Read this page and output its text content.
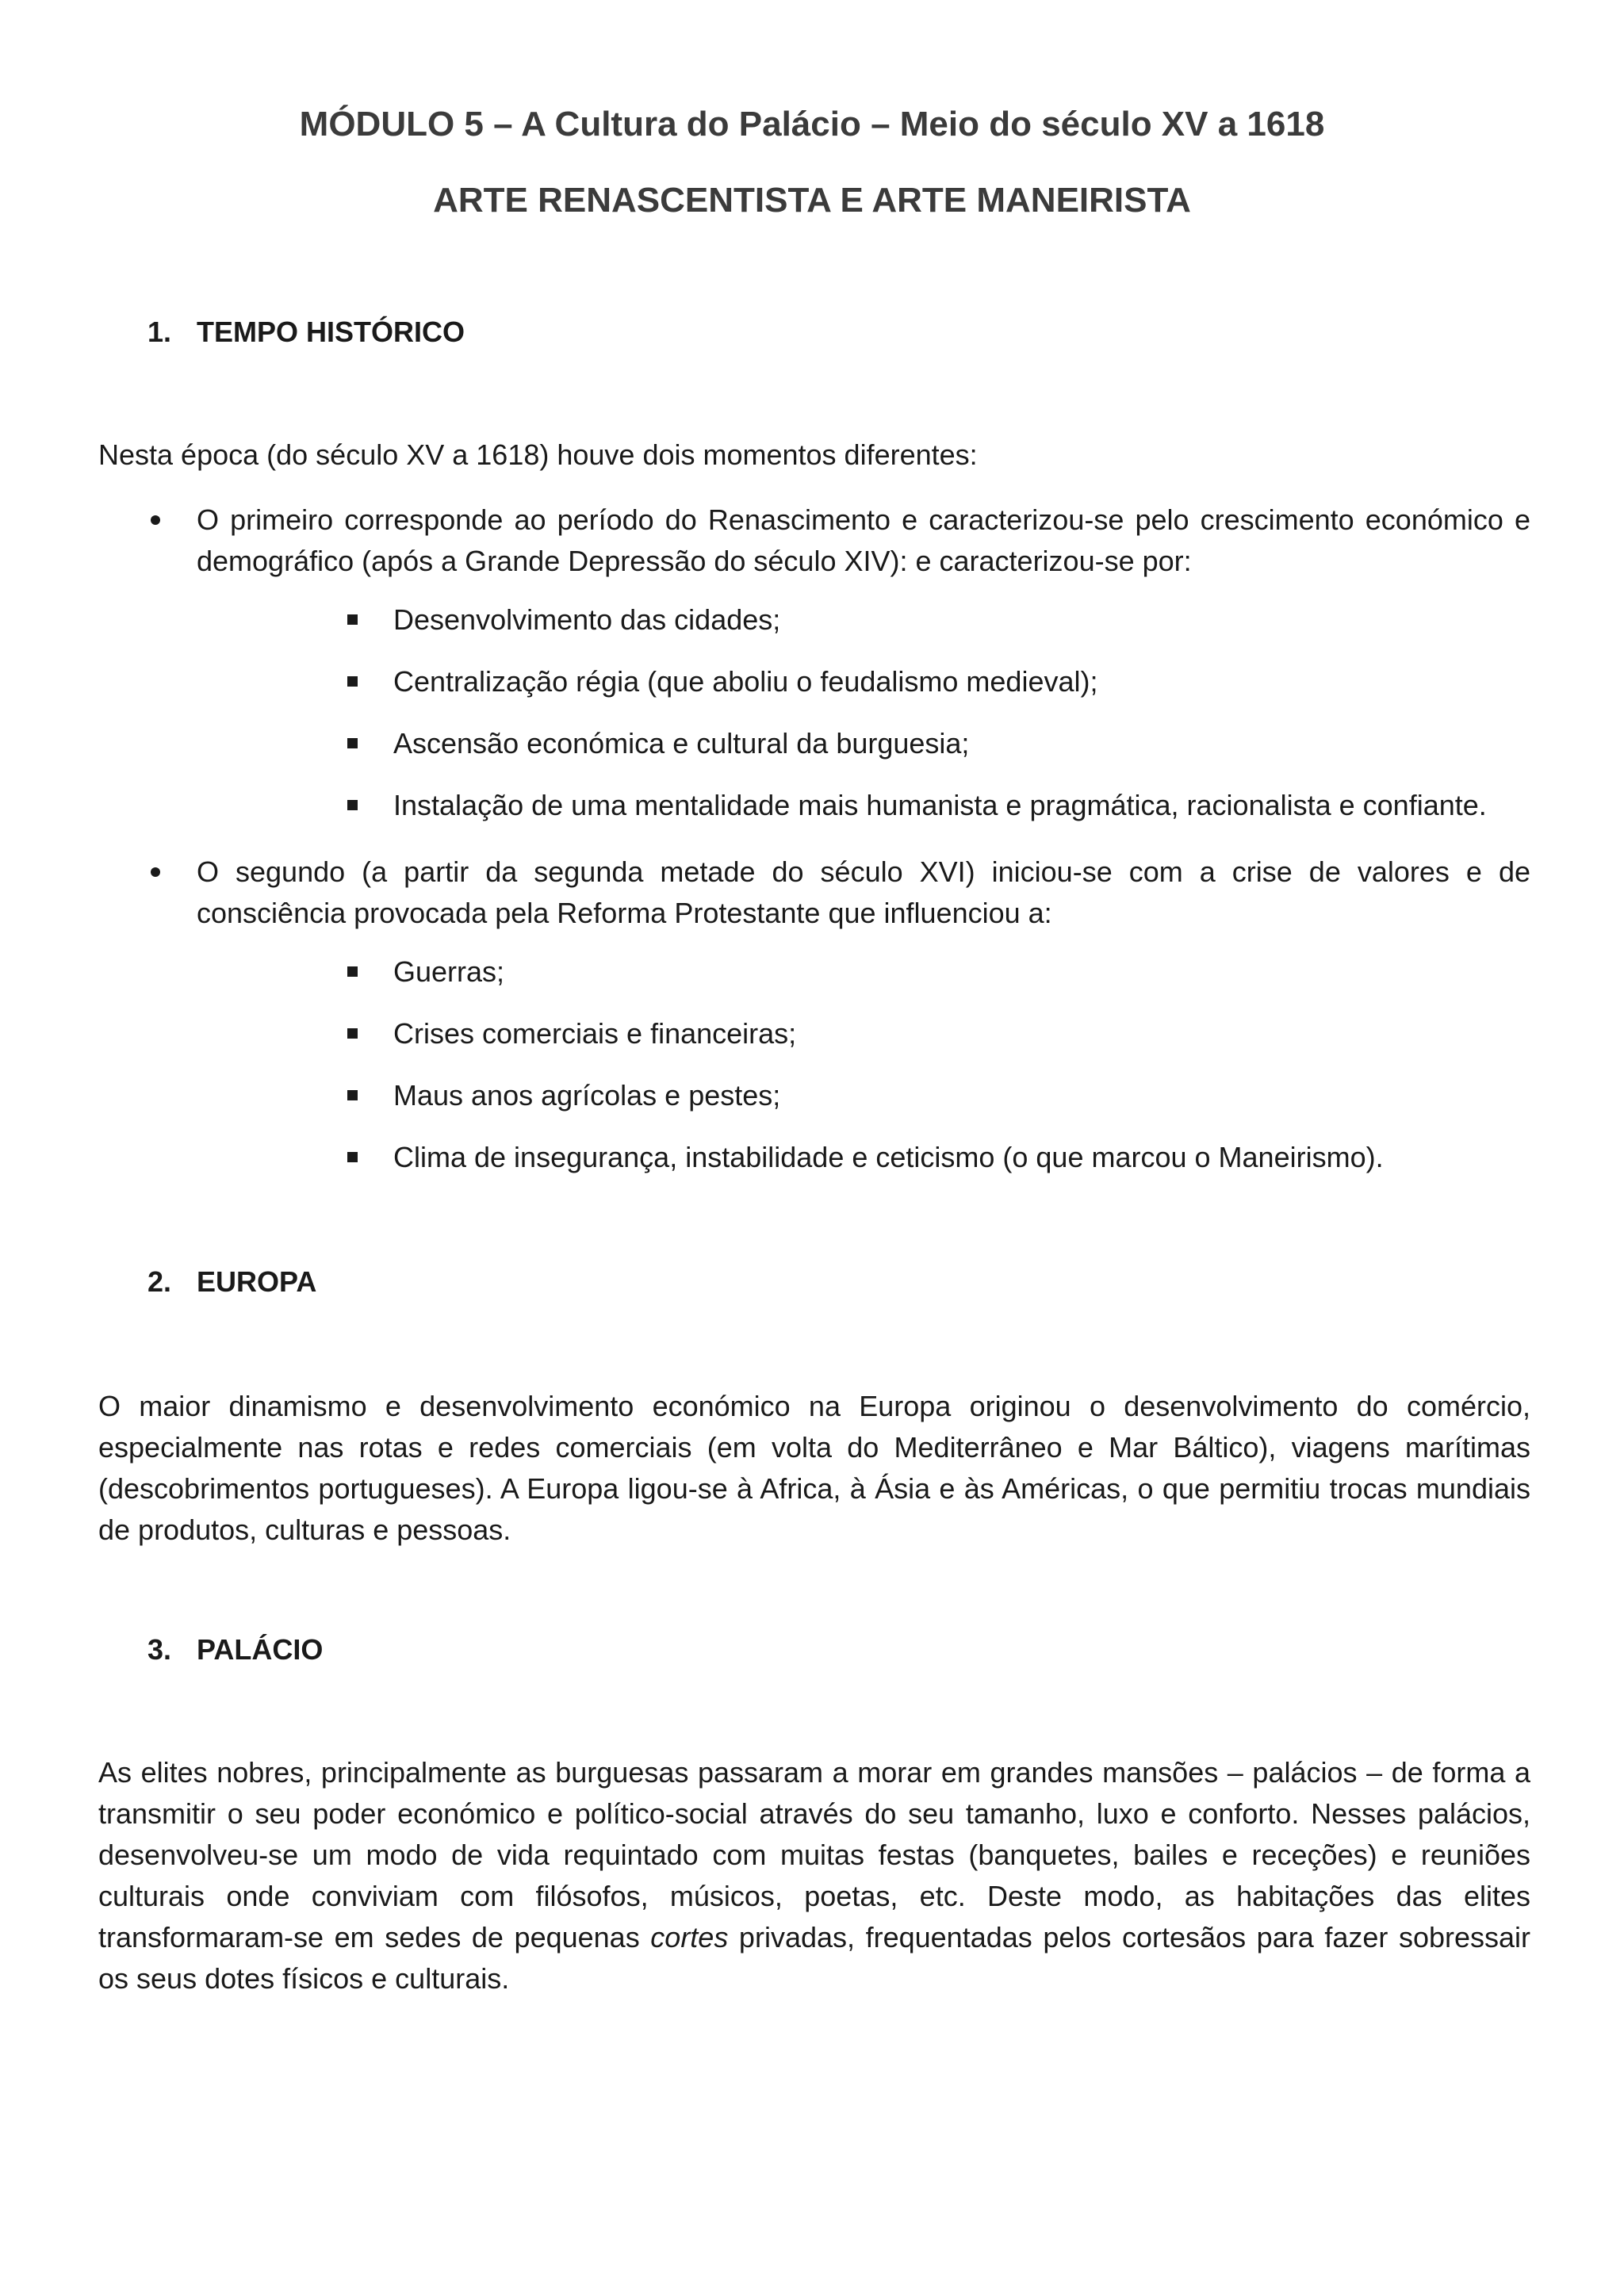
MÓDULO 5 – A Cultura do Palácio – Meio do século XV a 1618
ARTE RENASCENTISTA E ARTE MANEIRISTA
1. TEMPO HISTÓRICO
Nesta época (do século XV a 1618) houve dois momentos diferentes:
O primeiro corresponde ao período do Renascimento e caracterizou-se pelo crescimento económico e demográfico (após a Grande Depressão do século XIV): e caracterizou-se por:
Desenvolvimento das cidades;
Centralização régia (que aboliu o feudalismo medieval);
Ascensão económica e cultural da burguesia;
Instalação de uma mentalidade mais humanista e pragmática, racionalista e confiante.
O segundo (a partir da segunda metade do século XVI) iniciou-se com a crise de valores e de consciência provocada pela Reforma Protestante que influenciou a:
Guerras;
Crises comerciais e financeiras;
Maus anos agrícolas e pestes;
Clima de insegurança, instabilidade e ceticismo (o que marcou o Maneirismo).
2. EUROPA
O maior dinamismo e desenvolvimento económico na Europa originou o desenvolvimento do comércio, especialmente nas rotas e redes comerciais (em volta do Mediterrâneo e Mar Báltico), viagens marítimas (descobrimentos portugueses). A Europa ligou-se à Africa, à Ásia e às Américas, o que permitiu trocas mundiais de produtos, culturas e pessoas.
3. PALÁCIO
As elites nobres, principalmente as burguesas passaram a morar em grandes mansões – palácios – de forma a transmitir o seu poder económico e político-social através do seu tamanho, luxo e conforto. Nesses palácios, desenvolveu-se um modo de vida requintado com muitas festas (banquetes, bailes e receções) e reuniões culturais onde conviviam com filósofos, músicos, poetas, etc. Deste modo, as habitações das elites transformaram-se em sedes de pequenas cortes privadas, frequentadas pelos cortesãos para fazer sobressair os seus dotes físicos e culturais.
